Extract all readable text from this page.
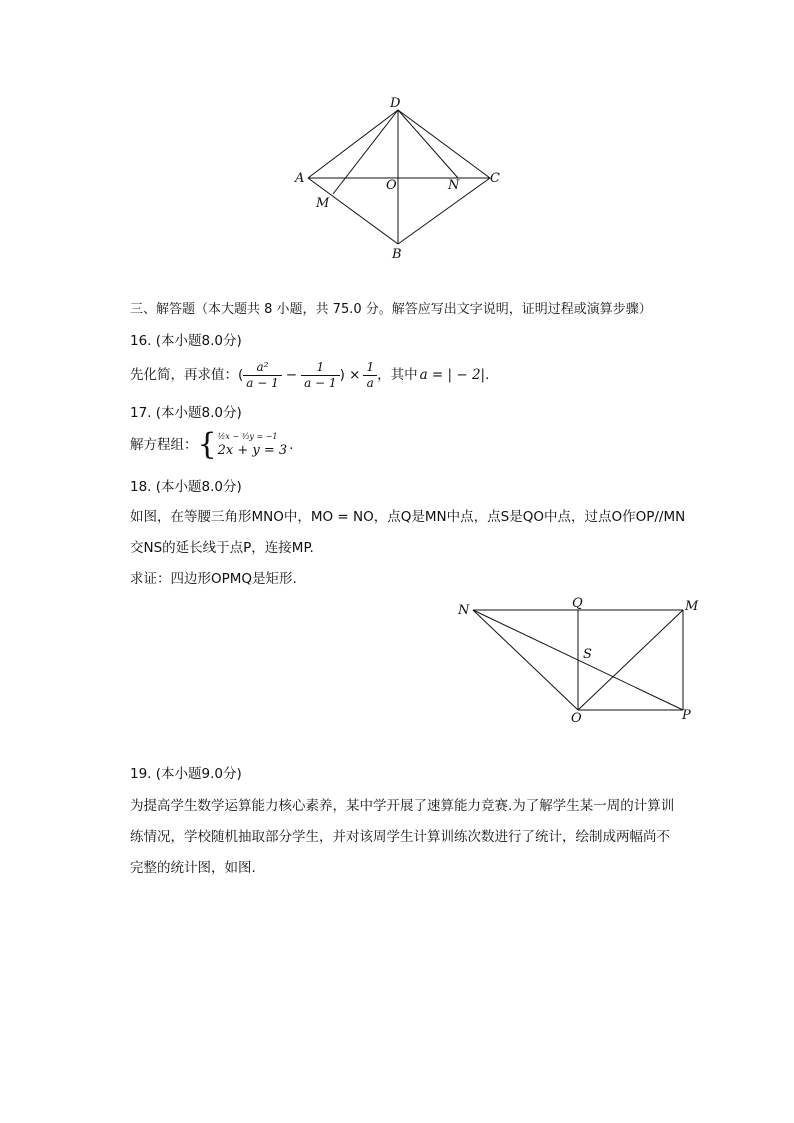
D
A	O	N C
M
B
三、解答题（本大题共 8 小题，共 75.0 分。解答应写出文字说明，证明过程或演算步骤）
16. (本小题8.0分)
先化简，再求值：( $\frac{\text{a²}}{a - 1} - \frac{1}{a - 1}$ ) × $\frac{1}{a}$ ，其中 a = | − 2| .
17. (本小题8.0分)
解方程组： { ½x − ³⁄₂y = −1
2x + y = 3 .
18. (本小题8.0分)
如图，在等腰三角形MNO中，MO = NO，点Q是MN中点，点S是QO中点，过点O作OP//MN
交NS的延长线于点P，连接MP.
求证：四边形OPMQ是矩形.
N	Q	M
S
O	P
19. (本小题9.0分)
为提高学生数学运算能力核心素养，某中学开展了速算能力竞赛.为了解学生某一周的计算训
练情况，学校随机抽取部分学生，并对该周学生计算训练次数进行了统计，绘制成两幅尚不
完整的统计图，如图.
